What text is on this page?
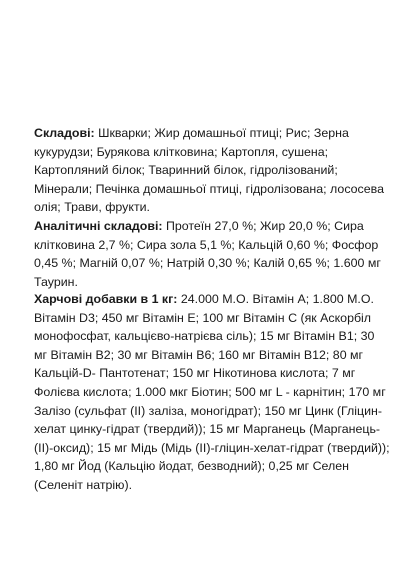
Складові: Шкварки; Жир домашньої птиці; Рис; Зерна кукурудзи; Бурякова клітковина; Картопля, сушена; Картопляний білок; Тваринний білок, гідролізований; Мінерали; Печінка домашньої птиці, гідролізована; лососева олія; Трави, фрукти.

Аналітичні складові: Протеїн 27,0 %; Жир 20,0 %; Сира клітковина 2,7 %; Сира зола 5,1 %; Кальцій 0,60 %; Фосфор 0,45 %; Магній 0,07 %; Натрій 0,30 %; Калій 0,65 %; 1.600 мг Таурин.

Харчові добавки в 1 кг: 24.000 М.О. Вітамін А; 1.800 М.О. Вітамін D3; 450 мг Вітамін Е; 100 мг Вітамін С (як Аскорбіл монофосфат, кальцієво-натрієва сіль); 15 мг Вітамін B1; 30 мг Вітамін B2; 30 мг Вітамін B6; 160 мг Вітамін B12; 80 мг Кальцій-D- Пантотенат; 150 мг Нікотинова кислота; 7 мг Фолієва кислота; 1.000 мкг Біотин; 500 мг L - карнітин; 170 мг Залізо (сульфат (II) заліза, моногідрат); 150 мг Цинк (Гліцин-хелат цинку-гідрат (твердий)); 15 мг Марганець (Марганець-(II)-оксид); 15 мг Мідь (Мідь (II)-гліцин-хелат-гідрат (твердий)); 1,80 мг Йод (Кальцію йодат, безводний); 0,25 мг Селен (Селеніт натрію).
